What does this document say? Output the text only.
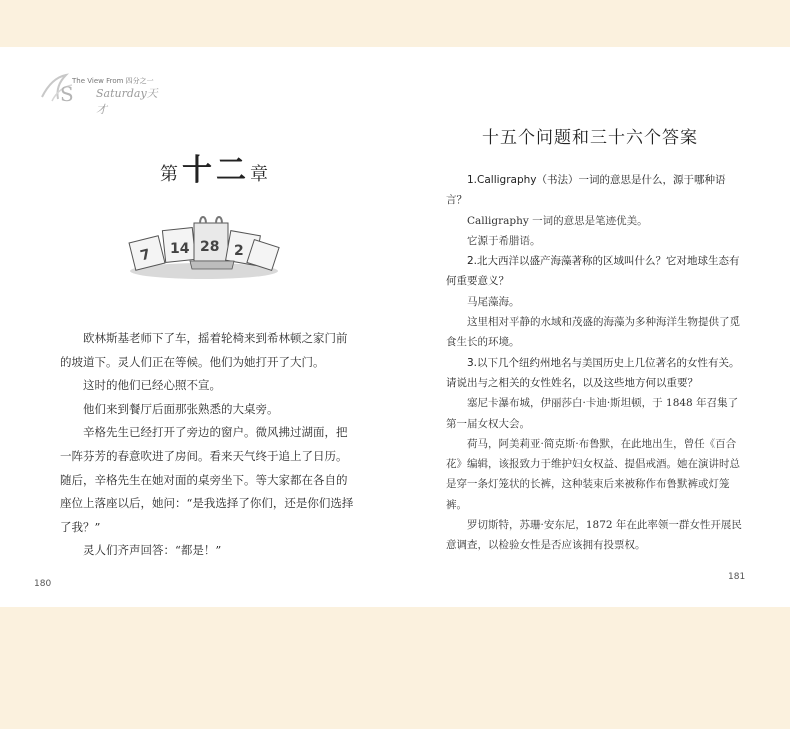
S
The View From 四分之一
Saturday天才
第十二章
7 14 28 2

欧林斯基老师下了车，摇着轮椅来到希林顿之家门前的坡道下。灵人们正在等候。他们为她打开了大门。

这时的他们已经心照不宣。

他们来到餐厅后面那张熟悉的大桌旁。

辛格先生已经打开了旁边的窗户。微风拂过湖面，把一阵芬芳的春意吹进了房间。看来天气终于追上了日历。随后，辛格先生在她对面的桌旁坐下。等大家都在各自的座位上落座以后，她问：“是我选择了你们，还是你们选择了我？”

灵人们齐声回答：“都是！”

180
十五个问题和三十六个答案

1.Calligraphy（书法）一词的意思是什么，源于哪种语言？

Calligraphy 一词的意思是笔迹优美。

它源于希腊语。

2.北大西洋以盛产海藻著称的区域叫什么？它对地球生态有何重要意义？

马尾藻海。

这里相对平静的水域和茂盛的海藻为多种海洋生物提供了觅食生长的环境。

3.以下几个纽约州地名与美国历史上几位著名的女性有关。请说出与之相关的女性姓名，以及这些地方何以重要？

塞尼卡瀑布城，伊丽莎白·卡迪·斯坦顿，于 1848 年召集了第一届女权大会。

荷马，阿美莉亚·简克斯·布鲁默，在此地出生，曾任《百合花》编辑，该报致力于维护妇女权益、提倡戒酒。她在演讲时总是穿一条灯笼状的长裤，这种装束后来被称作布鲁默裤或灯笼裤。

罗切斯特，苏珊·安东尼，1872 年在此率领一群女性开展民意调查，以检验女性是否应该拥有投票权。

181
